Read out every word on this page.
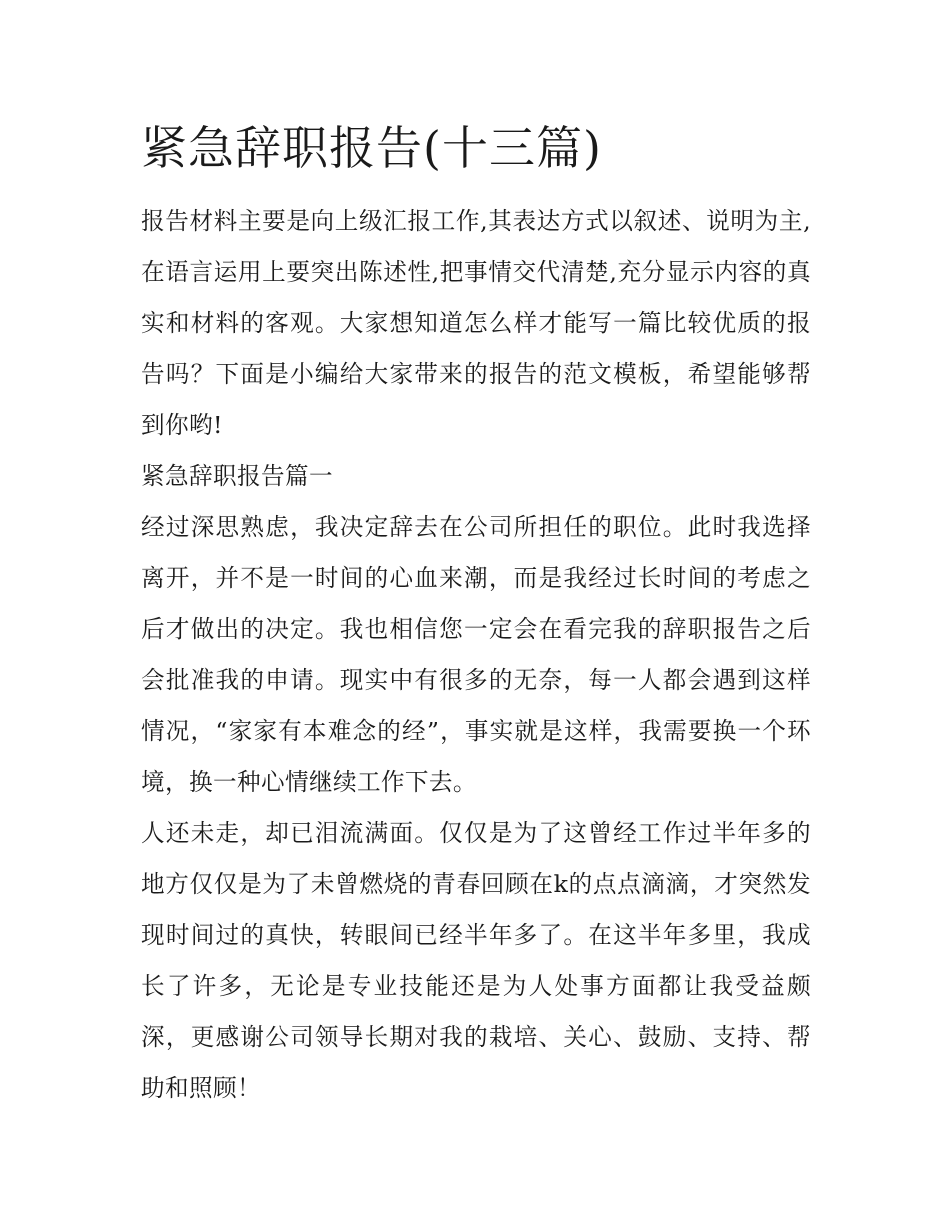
紧急辞职报告(十三篇)

报告材料主要是向上级汇报工作,其表达方式以叙述、说明为主,在语言运用上要突出陈述性,把事情交代清楚,充分显示内容的真实和材料的客观。大家想知道怎么样才能写一篇比较优质的报告吗？下面是小编给大家带来的报告的范文模板，希望能够帮到你哟!

紧急辞职报告篇一

经过深思熟虑，我决定辞去在公司所担任的职位。此时我选择离开，并不是一时间的心血来潮，而是我经过长时间的考虑之后才做出的决定。我也相信您一定会在看完我的辞职报告之后会批准我的申请。现实中有很多的无奈，每一人都会遇到这样情况，“家家有本难念的经”，事实就是这样，我需要换一个环境，换一种心情继续工作下去。

人还未走，却已泪流满面。仅仅是为了这曾经工作过半年多的地方仅仅是为了未曾燃烧的青春回顾在k的点点滴滴，才突然发现时间过的真快，转眼间已经半年多了。在这半年多里，我成长了许多，无论是专业技能还是为人处事方面都让我受益颇深，更感谢公司领导长期对我的栽培、关心、鼓励、支持、帮助和照顾！
